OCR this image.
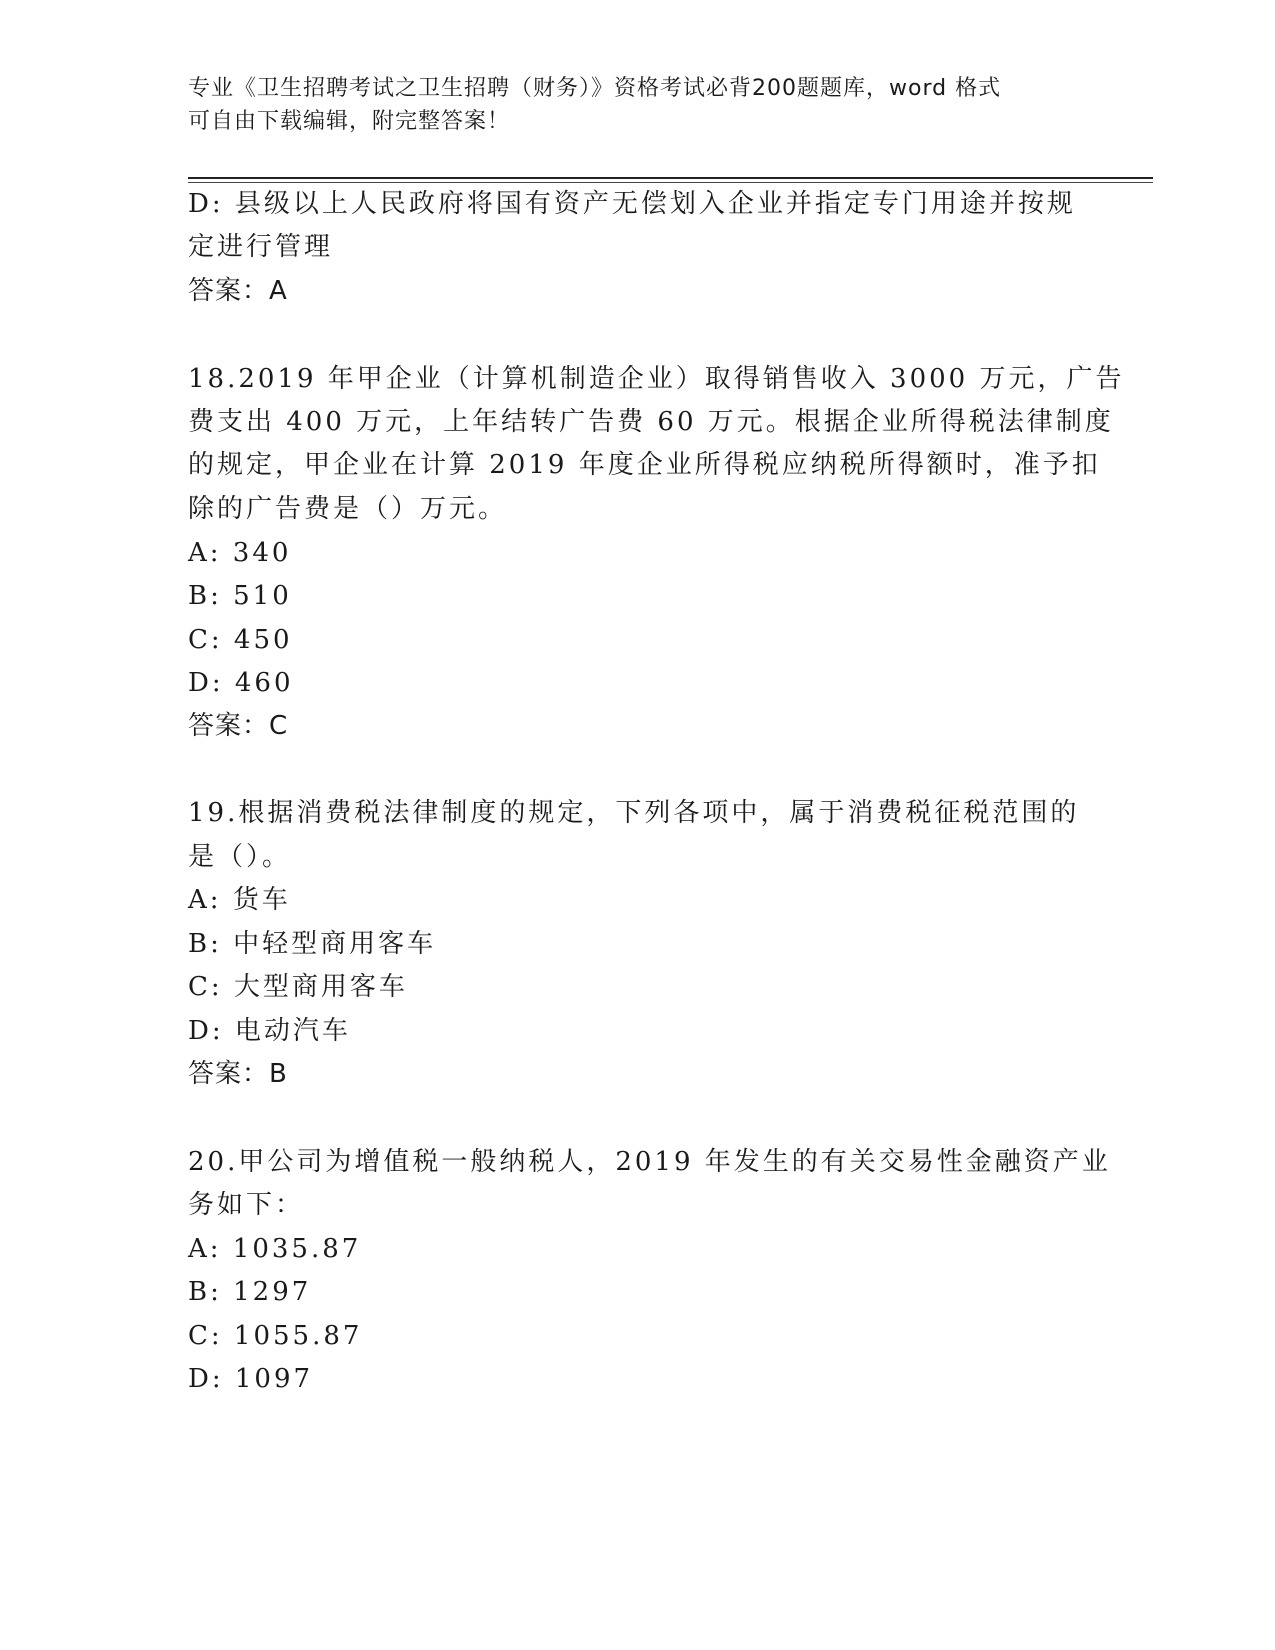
专业《卫生招聘考试之卫生招聘（财务）》资格考试必背200题题库，word 格式
可自由下载编辑，附完整答案！
D: 县级以上人民政府将国有资产无偿划入企业并指定专门用途并按规
定进行管理
答案：A
18.2019 年甲企业（计算机制造企业）取得销售收入 3000 万元，广告
费支出 400 万元，上年结转广告费 60 万元。根据企业所得税法律制度
的规定，甲企业在计算 2019 年度企业所得税应纳税所得额时，准予扣
除的广告费是（）万元。
A: 340
B: 510
C: 450
D: 460
答案：C
19.根据消费税法律制度的规定，下列各项中，属于消费税征税范围的
是（）。
A: 货车
B: 中轻型商用客车
C: 大型商用客车
D: 电动汽车
答案：B
20.甲公司为增值税一般纳税人，2019 年发生的有关交易性金融资产业
务如下：
A: 1035.87
B: 1297
C: 1055.87
D: 1097
